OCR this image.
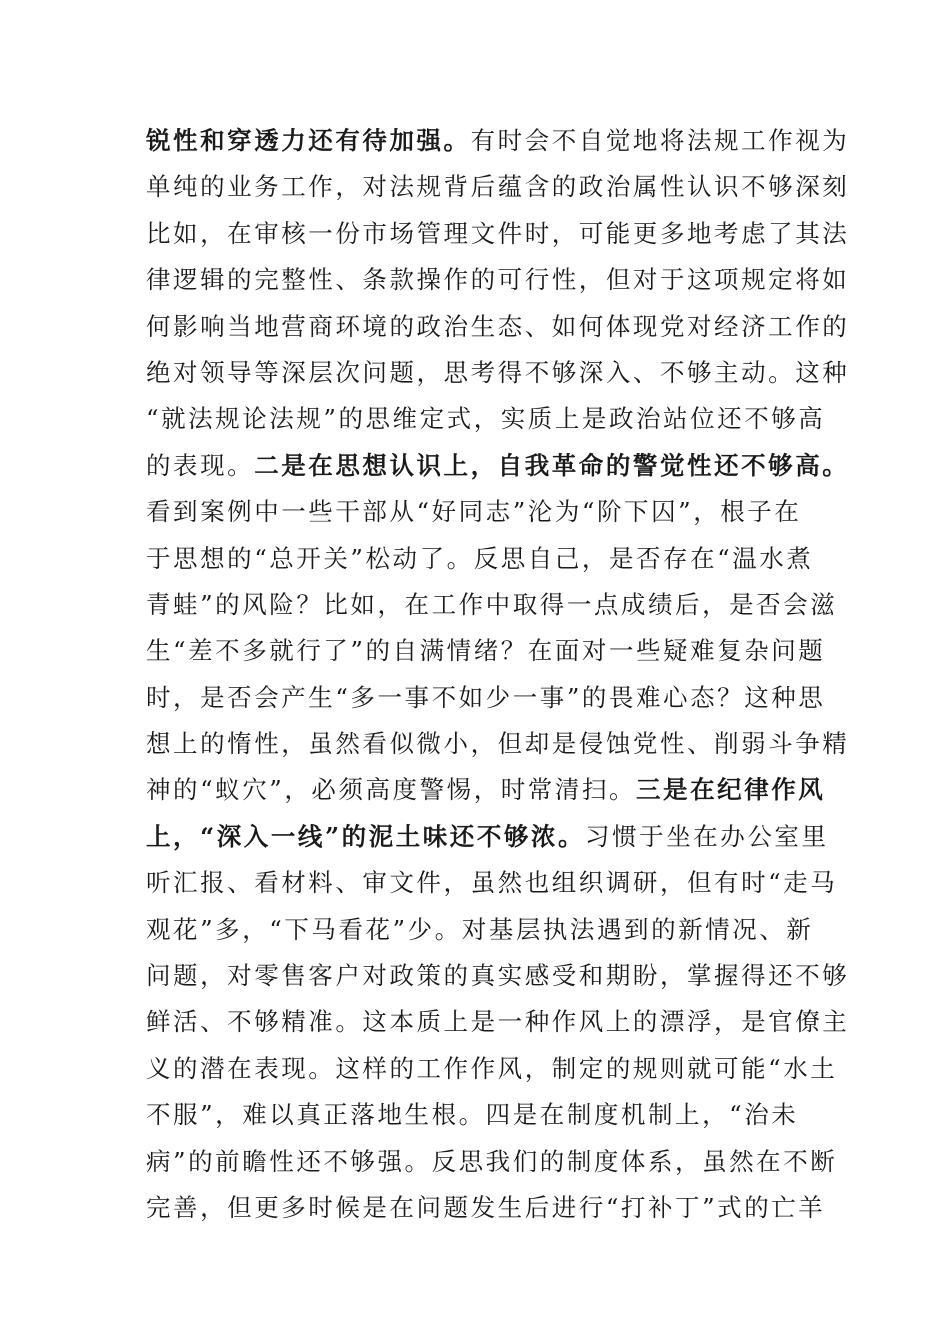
锐性和穿透力还有待加强。有时会不自觉地将法规工作视为
单纯的业务工作，对法规背后蕴含的政治属性认识不够深刻
比如，在审核一份市场管理文件时，可能更多地考虑了其法
律逻辑的完整性、条款操作的可行性，但对于这项规定将如
何影响当地营商环境的政治生态、如何体现党对经济工作的
绝对领导等深层次问题，思考得不够深入、不够主动。这种
“就法规论法规”的思维定式，实质上是政治站位还不够高
的表现。二是在思想认识上，自我革命的警觉性还不够高。
看到案例中一些干部从“好同志”沦为“阶下囚”，根子在
于思想的“总开关”松动了。反思自己，是否存在“温水煮
青蛙”的风险？比如，在工作中取得一点成绩后，是否会滋
生“差不多就行了”的自满情绪？在面对一些疑难复杂问题
时，是否会产生“多一事不如少一事”的畏难心态？这种思
想上的惰性，虽然看似微小，但却是侵蚀党性、削弱斗争精
神的“蚁穴”，必须高度警惕，时常清扫。三是在纪律作风
上，“深入一线”的泥土味还不够浓。习惯于坐在办公室里
听汇报、看材料、审文件，虽然也组织调研，但有时“走马
观花”多，“下马看花”少。对基层执法遇到的新情况、新
问题，对零售客户对政策的真实感受和期盼，掌握得还不够
鲜活、不够精准。这本质上是一种作风上的漂浮，是官僚主
义的潜在表现。这样的工作作风，制定的规则就可能“水土
不服”，难以真正落地生根。四是在制度机制上，“治未
病”的前瞻性还不够强。反思我们的制度体系，虽然在不断
完善，但更多时候是在问题发生后进行“打补丁”式的亡羊
